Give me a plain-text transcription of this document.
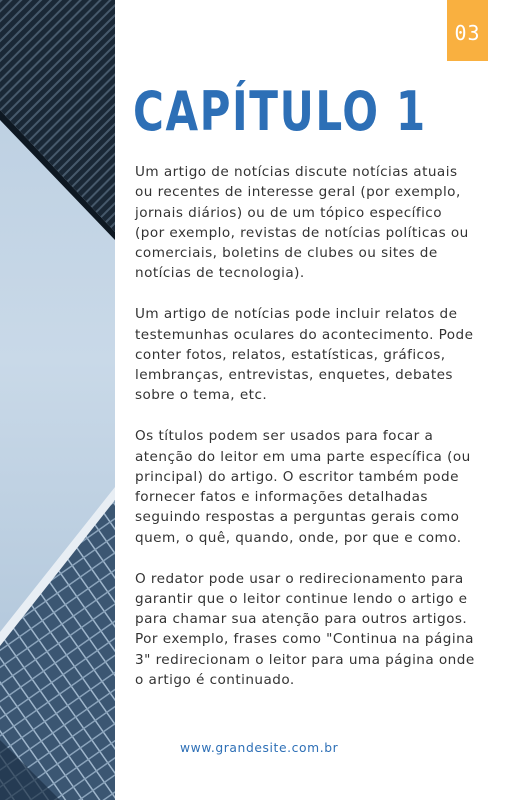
03
CAPÍTULO 1

Um artigo de notícias discute notícias atuais ou recentes de interesse geral (por exemplo, jornais diários) ou de um tópico específico (por exemplo, revistas de notícias políticas ou comerciais, boletins de clubes ou sites de notícias de tecnologia).

Um artigo de notícias pode incluir relatos de testemunhas oculares do acontecimento. Pode conter fotos, relatos, estatísticas, gráficos, lembranças, entrevistas, enquetes, debates sobre o tema, etc.

Os títulos podem ser usados para focar a atenção do leitor em uma parte específica (ou principal) do artigo. O escritor também pode fornecer fatos e informações detalhadas seguindo respostas a perguntas gerais como quem, o quê, quando, onde, por que e como.

O redator pode usar o redirecionamento para garantir que o leitor continue lendo o artigo e para chamar sua atenção para outros artigos. Por exemplo, frases como "Continua na página 3" redirecionam o leitor para uma página onde o artigo é continuado.

www.grandesite.com.br
